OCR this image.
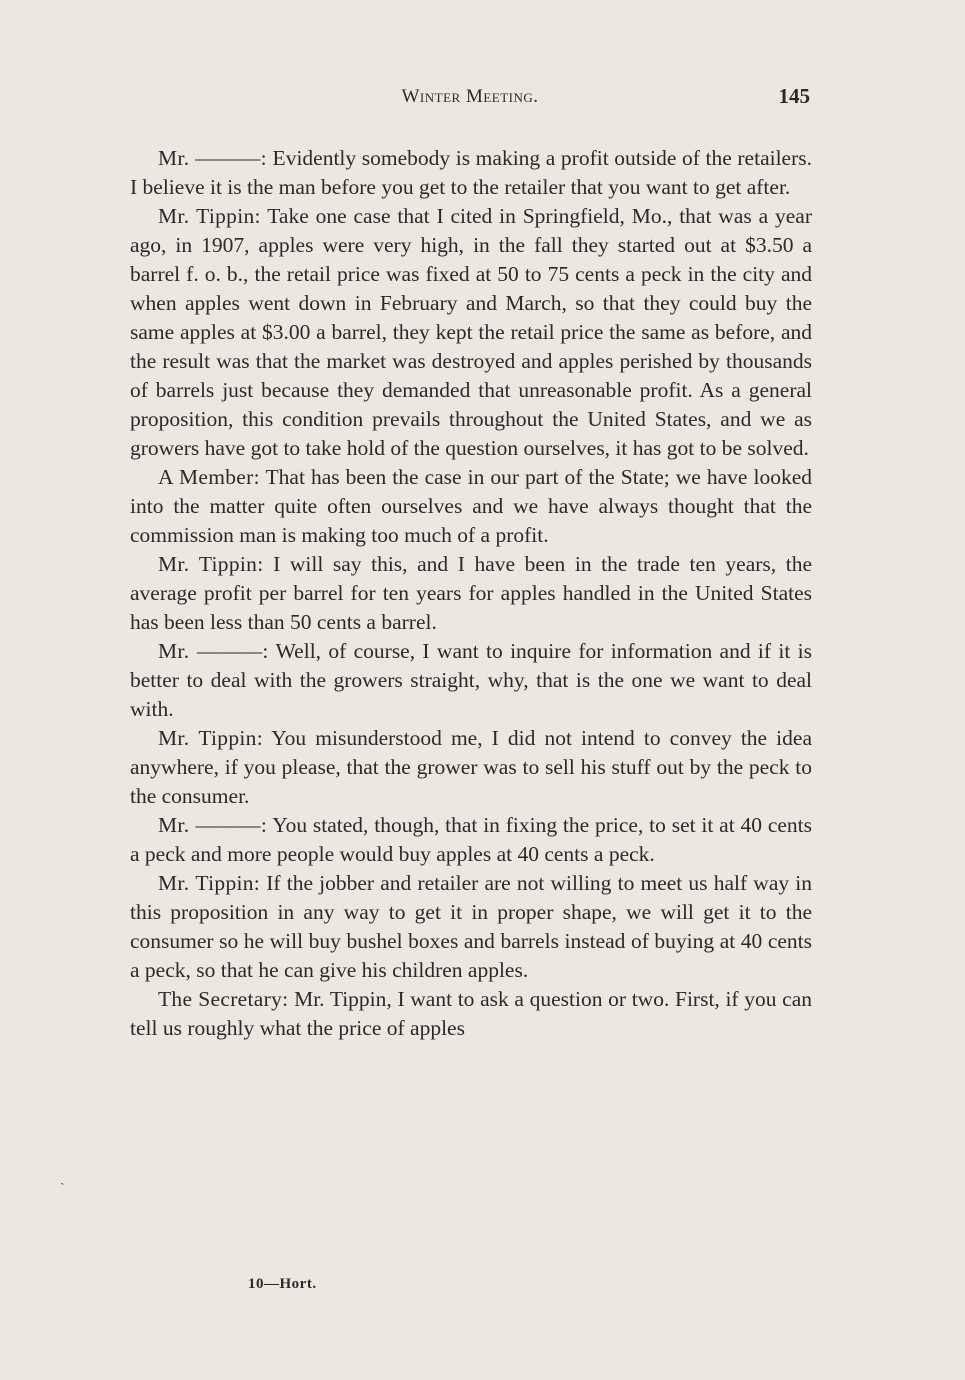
Winter Meeting.	145

Mr. ———: Evidently somebody is making a profit outside of the retailers. I believe it is the man before you get to the retailer that you want to get after.

Mr. Tippin: Take one case that I cited in Springfield, Mo., that was a year ago, in 1907, apples were very high, in the fall they started out at $3.50 a barrel f. o. b., the retail price was fixed at 50 to 75 cents a peck in the city and when apples went down in February and March, so that they could buy the same apples at $3.00 a barrel, they kept the retail price the same as before, and the result was that the market was destroyed and apples perished by thousands of barrels just because they demanded that unreasonable profit. As a general proposition, this condition prevails throughout the United States, and we as growers have got to take hold of the question ourselves, it has got to be solved.

A Member: That has been the case in our part of the State; we have looked into the matter quite often ourselves and we have always thought that the commission man is making too much of a profit.

Mr. Tippin: I will say this, and I have been in the trade ten years, the average profit per barrel for ten years for apples handled in the United States has been less than 50 cents a barrel.

Mr. ———: Well, of course, I want to inquire for information and if it is better to deal with the growers straight, why, that is the one we want to deal with.

Mr. Tippin: You misunderstood me, I did not intend to convey the idea anywhere, if you please, that the grower was to sell his stuff out by the peck to the consumer.

Mr. ———: You stated, though, that in fixing the price, to set it at 40 cents a peck and more people would buy apples at 40 cents a peck.

Mr. Tippin: If the jobber and retailer are not willing to meet us half way in this proposition in any way to get it in proper shape, we will get it to the consumer so he will buy bushel boxes and barrels instead of buying at 40 cents a peck, so that he can give his children apples.

The Secretary: Mr. Tippin, I want to ask a question or two. First, if you can tell us roughly what the price of apples

ˏ
10—Hort.
